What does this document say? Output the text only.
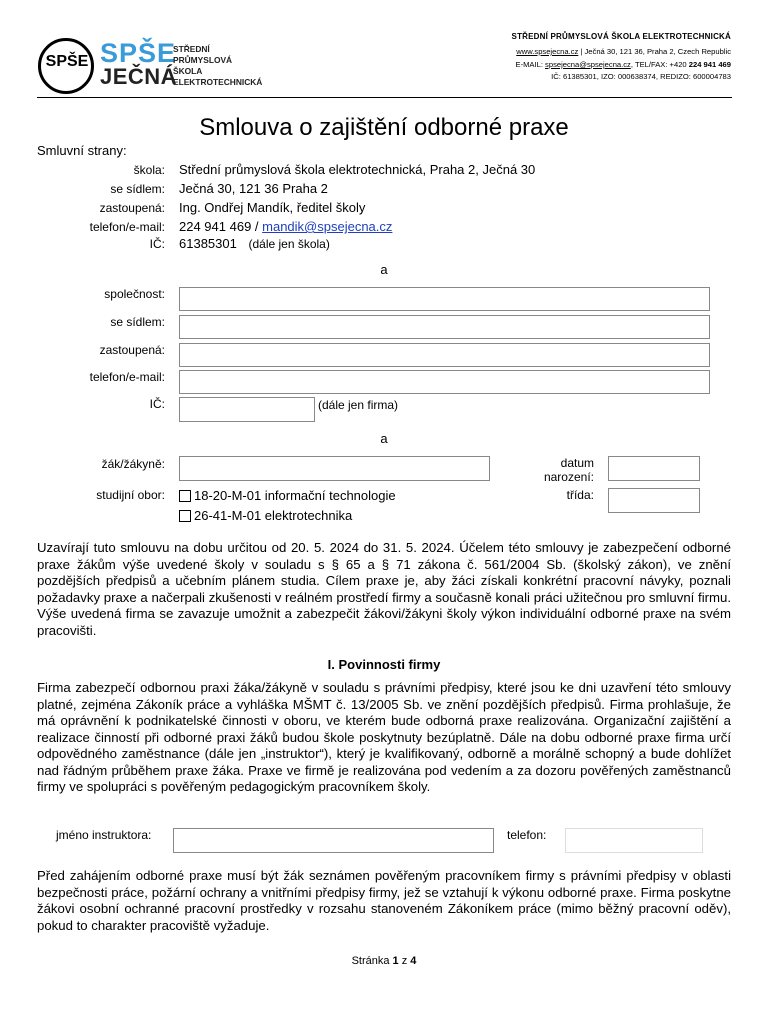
SPŠE SPŠE
JEČNÁ
STŘEDNÍ
PRŮMYSLOVÁ
ŠKOLA
ELEKTROTECHNICKÁ
STŘEDNÍ PRŮMYSLOVÁ ŠKOLA ELEKTROTECHNICKÁ
www.spsejecna.cz | Ječná 30, 121 36, Praha 2, Czech Republic
E-MAIL: spsejecna@spsejecna.cz, TEL/FAX: +420 224 941 469
IČ: 61385301, IZO: 000638374, REDIZO: 600004783
Smlouva o zajištění odborné praxe
Smluvní strany:
škola: Střední průmyslová škola elektrotechnická, Praha 2, Ječná 30
se sídlem: Ječná 30, 121 36 Praha 2
zastoupená: Ing. Ondřej Mandík, ředitel školy
telefon/e-mail: 224 941 469 / mandik@spsejecna.cz
IČ: 61385301 (dále jen škola)
a
společnost:
se sídlem:
zastoupená:
telefon/e-mail:
IČ:	(dále jen firma)
a
žák/žákyně:	datum
narození:
studijní obor:	18-20-M-01 informační technologie
26-41-M-01 elektrotechnika
třída:
Uzavírají tuto smlouvu na dobu určitou od 20. 5. 2024 do 31. 5. 2024. Účelem této smlouvy je zabezpečení odborné praxe žákům výše uvedené školy v souladu s § 65 a § 71 zákona č. 561/2004 Sb. (školský zákon), ve znění pozdějších předpisů a učebním plánem studia. Cílem praxe je, aby žáci získali konkrétní pracovní návyky, poznali požadavky praxe a načerpali zkušenosti v reálném prostředí firmy a současně konali práci užitečnou pro smluvní firmu. Výše uvedená firma se zavazuje umožnit a zabezpečit žákovi/žákyni školy výkon individuální odborné praxe na svém pracovišti.
I. Povinnosti firmy
Firma zabezpečí odbornou praxi žáka/žákyně v souladu s právními předpisy, které jsou ke dni uzavření této smlouvy platné, zejména Zákoník práce a vyhláška MŠMT č. 13/2005 Sb. ve znění pozdějších předpisů. Firma prohlašuje, že má oprávnění k podnikatelské činnosti v oboru, ve kterém bude odborná praxe realizována. Organizační zajištění a realizace činností při odborné praxi žáků budou škole poskytnuty bezúplatně. Dále na dobu odborné praxe firma určí odpovědného zaměstnance (dále jen „instruktor“), který je kvalifikovaný, odborně a morálně schopný a bude dohlížet nad řádným průběhem praxe žáka. Praxe ve firmě je realizována pod vedením a za dozoru pověřených zaměstnanců firmy ve spolupráci s pověřeným pedagogickým pracovníkem školy.
jméno instruktora:	telefon:
Před zahájením odborné praxe musí být žák seznámen pověřeným pracovníkem firmy s právními předpisy v oblasti bezpečnosti práce, požární ochrany a vnitřními předpisy firmy, jež se vztahují k výkonu odborné praxe. Firma poskytne žákovi osobní ochranné pracovní prostředky v rozsahu stanoveném Zákoníkem práce (mimo běžný pracovní oděv), pokud to charakter pracoviště vyžaduje.
Stránka 1 z 4
